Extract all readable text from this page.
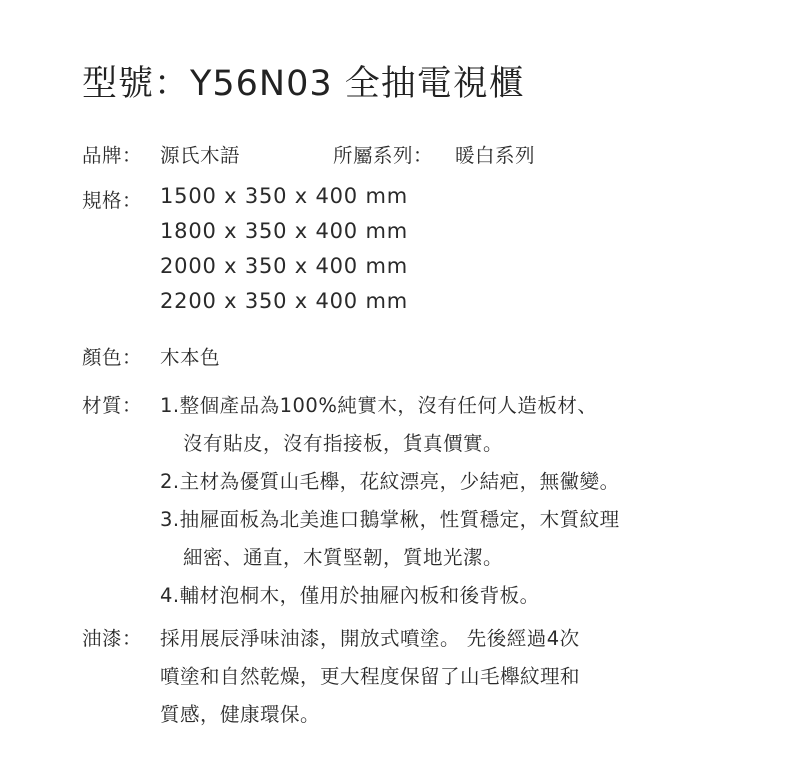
型號：Y56N03 全抽電視櫃
品牌： 源氏木語	所屬系列： 暖白系列
規格： 1500 x 350 x 400 mm
1800 x 350 x 400 mm
2000 x 350 x 400 mm
2200 x 350 x 400 mm
顏色： 木本色
材質： 1.整個產品為100%純實木，沒有任何人造板材、
沒有貼皮，沒有指接板，貨真價實。
2.主材為優質山毛櫸，花紋漂亮，少結疤，無黴變。
3.抽屜面板為北美進口鵝掌楸，性質穩定，木質紋理
細密、通直，木質堅韌，質地光潔。
4.輔材泡桐木，僅用於抽屜內板和後背板。
油漆： 採用展辰淨味油漆，開放式噴塗。 先後經過4次
噴塗和自然乾燥，更大程度保留了山毛櫸紋理和
質感，健康環保。
